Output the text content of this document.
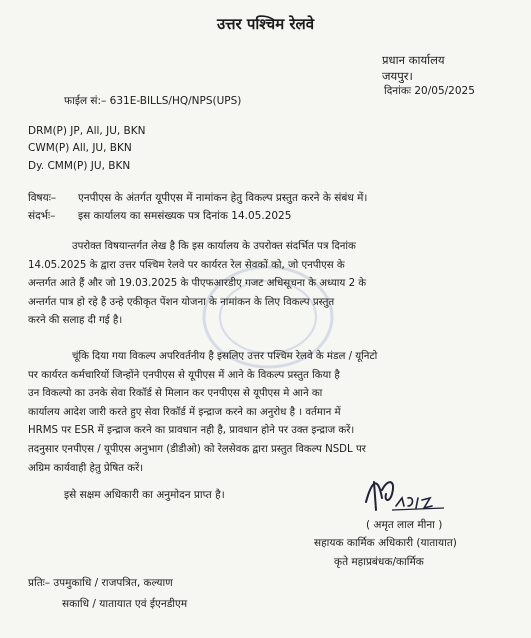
उत्तर पश्चिम रेलवे
प्रधान कार्यालय
जयपुर।
दिनांकः 20/05/2025
फाईल सं:– 631E-BILLS/HQ/NPS(UPS)
DRM(P) JP, All, JU, BKN
CWM(P) All, JU, BKN
Dy. CMM(P) JU, BKN
विषयः– एनपीएस के अंतर्गत यूपीएस में नामांकन हेतु विकल्प प्रस्तुत करने के संबंध में।
संदर्भः– इस कार्यालय का समसंख्यक पत्र दिनांक 14.05.2025
उपरोक्त विषयान्तर्गत लेख है कि इस कार्यालय के उपरोक्त संदर्भित पत्र दिनांक
14.05.2025 के द्वारा उत्तर पश्चिम रेलवे पर कार्यरत रेल सेवकों को, जो एनपीएस के
अन्तर्गत आते हैं और जो 19.03.2025 के पीएफआरडीए गजट अधिसूचना के अध्याय 2 के
अन्तर्गत पात्र हो रहे है उन्हे एकीकृत पेंशन योजना के नामांकन के लिए विकल्प प्रस्तुत
करने की सलाह दी गई है।
चूंकि दिया गया विकल्प अपरिवर्तनीय है इसलिए उत्तर पश्चिम रेलवे के मंडल / यूनिटो
पर कार्यरत कर्मचारियों जिन्होंने एनपीएस से यूपीएस में आने के विकल्प प्रस्तुत किया है
उन विकल्पो का उनके सेवा रिकॉर्ड से मिलान कर एनपीएस से यूपीएस मे आने का
कार्यालय आदेश जारी करते हुए सेवा रिकॉर्ड में इन्द्राज करने का अनुरोध है । वर्तमान में
HRMS पर ESR में इन्द्राज करने का प्रावधान नही है, प्रावधान होने पर उक्त इन्द्राज करें।
तदनुसार एनपीएस / यूपीएस अनुभाग (डीडीओ) को रेलसेवक द्वारा प्रस्तुत विकल्प NSDL पर
अग्रिम कार्यवाही हेतु प्रेषित करें।
इसे सक्षम अधिकारी का अनुमोदन प्राप्त है।
( अमृत लाल मीना )
सहायक कार्मिक अधिकारी (यातायात)
कृते महाप्रबंधक/कार्मिक
प्रतिः– उपमुकाधि / राजपत्रित, कल्याण
सकाधि / यातायात एवं ईएनडीएम
